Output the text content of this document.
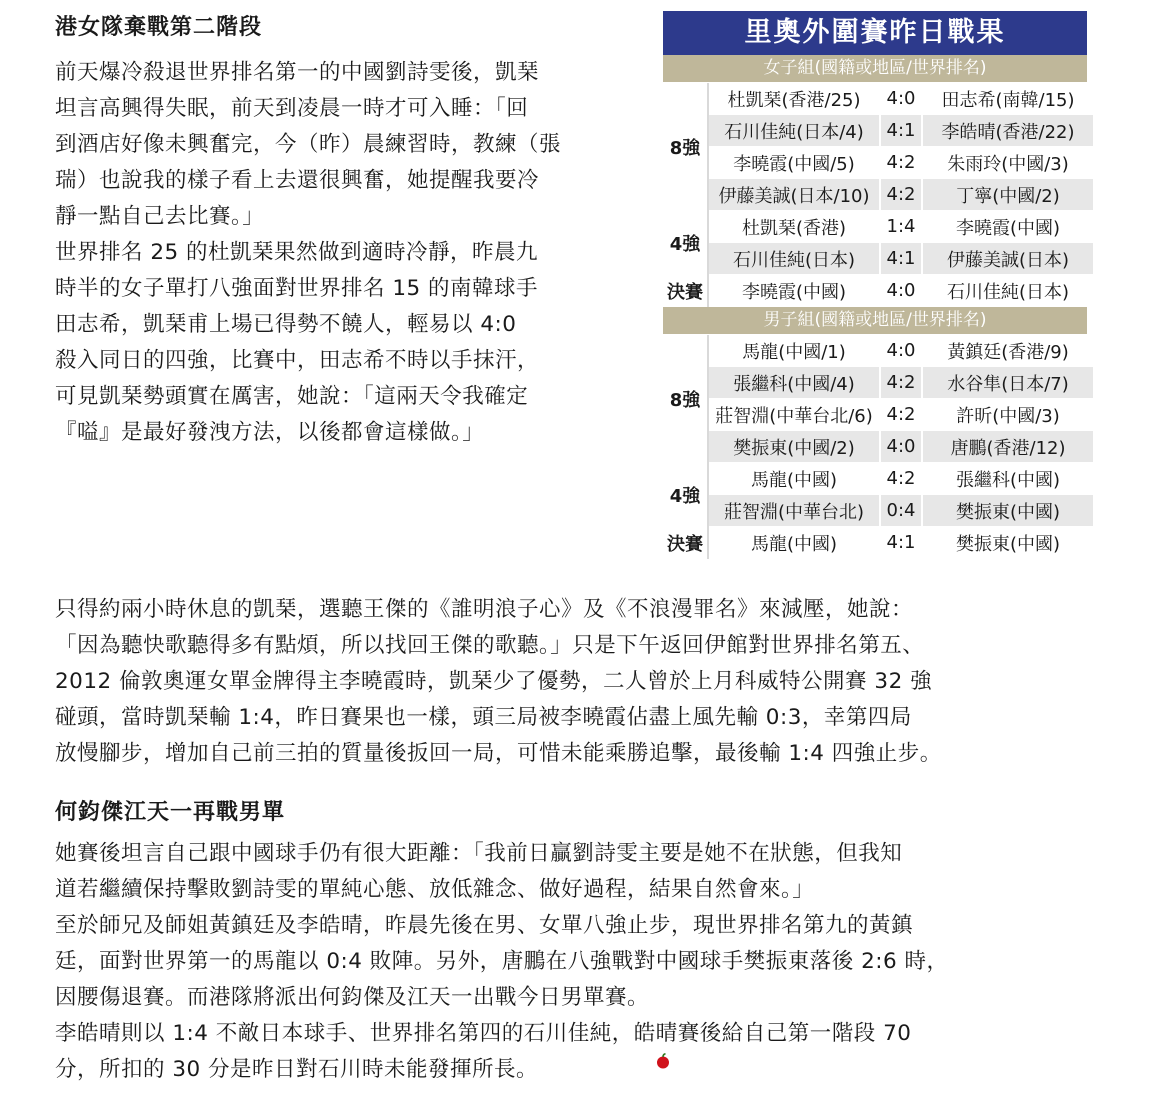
港女隊棄戰第二階段
前天爆冷殺退世界排名第一的中國劉詩雯後，凱琹
坦言高興得失眠，前天到凌晨一時才可入睡：「回
到酒店好像未興奮完，今（昨）晨練習時，教練（張
瑞）也說我的樣子看上去還很興奮，她提醒我要冷
靜一點自己去比賽。」
世界排名 25 的杜凱琹果然做到適時冷靜，昨晨九
時半的女子單打八強面對世界排名 15 的南韓球手
田志希，凱琹甫上場已得勢不饒人，輕易以 4:0
殺入同日的四強，比賽中，田志希不時以手抹汗，
可見凱琹勢頭實在厲害，她說：「這兩天令我確定
『嗌』是最好發洩方法，以後都會這樣做。」
里奧外圍賽昨日戰果
女子組(國籍或地區/世界排名)
8強	杜凱琹(香港/25)	4:0	田志希(南韓/15)
	石川佳純(日本/4)	4:1	李皓晴(香港/22)
	李曉霞(中國/5)	4:2	朱雨玲(中國/3)
	伊藤美誠(日本/10)	4:2	丁寧(中國/2)
4強	杜凱琹(香港)	1:4	李曉霞(中國)
	石川佳純(日本)	4:1	伊藤美誠(日本)
決賽	李曉霞(中國)	4:0	石川佳純(日本)
男子組(國籍或地區/世界排名)
8強	馬龍(中國/1)	4:0	黃鎮廷(香港/9)
	張繼科(中國/4)	4:2	水谷隼(日本/7)
	莊智淵(中華台北/6)	4:2	許昕(中國/3)
	樊振東(中國/2)	4:0	唐鵬(香港/12)
4強	馬龍(中國)	4:2	張繼科(中國)
	莊智淵(中華台北)	0:4	樊振東(中國)
決賽	馬龍(中國)	4:1	樊振東(中國)
只得約兩小時休息的凱琹，選聽王傑的《誰明浪子心》及《不浪漫罪名》來減壓，她說：
「因為聽快歌聽得多有點煩，所以找回王傑的歌聽。」只是下午返回伊館對世界排名第五、
2012 倫敦奧運女單金牌得主李曉霞時，凱琹少了優勢，二人曾於上月科威特公開賽 32 強
碰頭，當時凱琹輸 1:4，昨日賽果也一樣，頭三局被李曉霞佔盡上風先輸 0:3，幸第四局
放慢腳步，增加自己前三拍的質量後扳回一局，可惜未能乘勝追擊，最後輸 1:4 四強止步。
何鈞傑江天一再戰男單
她賽後坦言自己跟中國球手仍有很大距離：「我前日贏劉詩雯主要是她不在狀態，但我知
道若繼續保持擊敗劉詩雯的單純心態、放低雜念、做好過程，結果自然會來。」
至於師兄及師姐黃鎮廷及李皓晴，昨晨先後在男、女單八強止步，現世界排名第九的黃鎮
廷，面對世界第一的馬龍以 0:4 敗陣。另外，唐鵬在八強戰對中國球手樊振東落後 2:6 時，
因腰傷退賽。而港隊將派出何鈞傑及江天一出戰今日男單賽。
李皓晴則以 1:4 不敵日本球手、世界排名第四的石川佳純，皓晴賽後給自己第一階段 70
分，所扣的 30 分是昨日對石川時未能發揮所長。
